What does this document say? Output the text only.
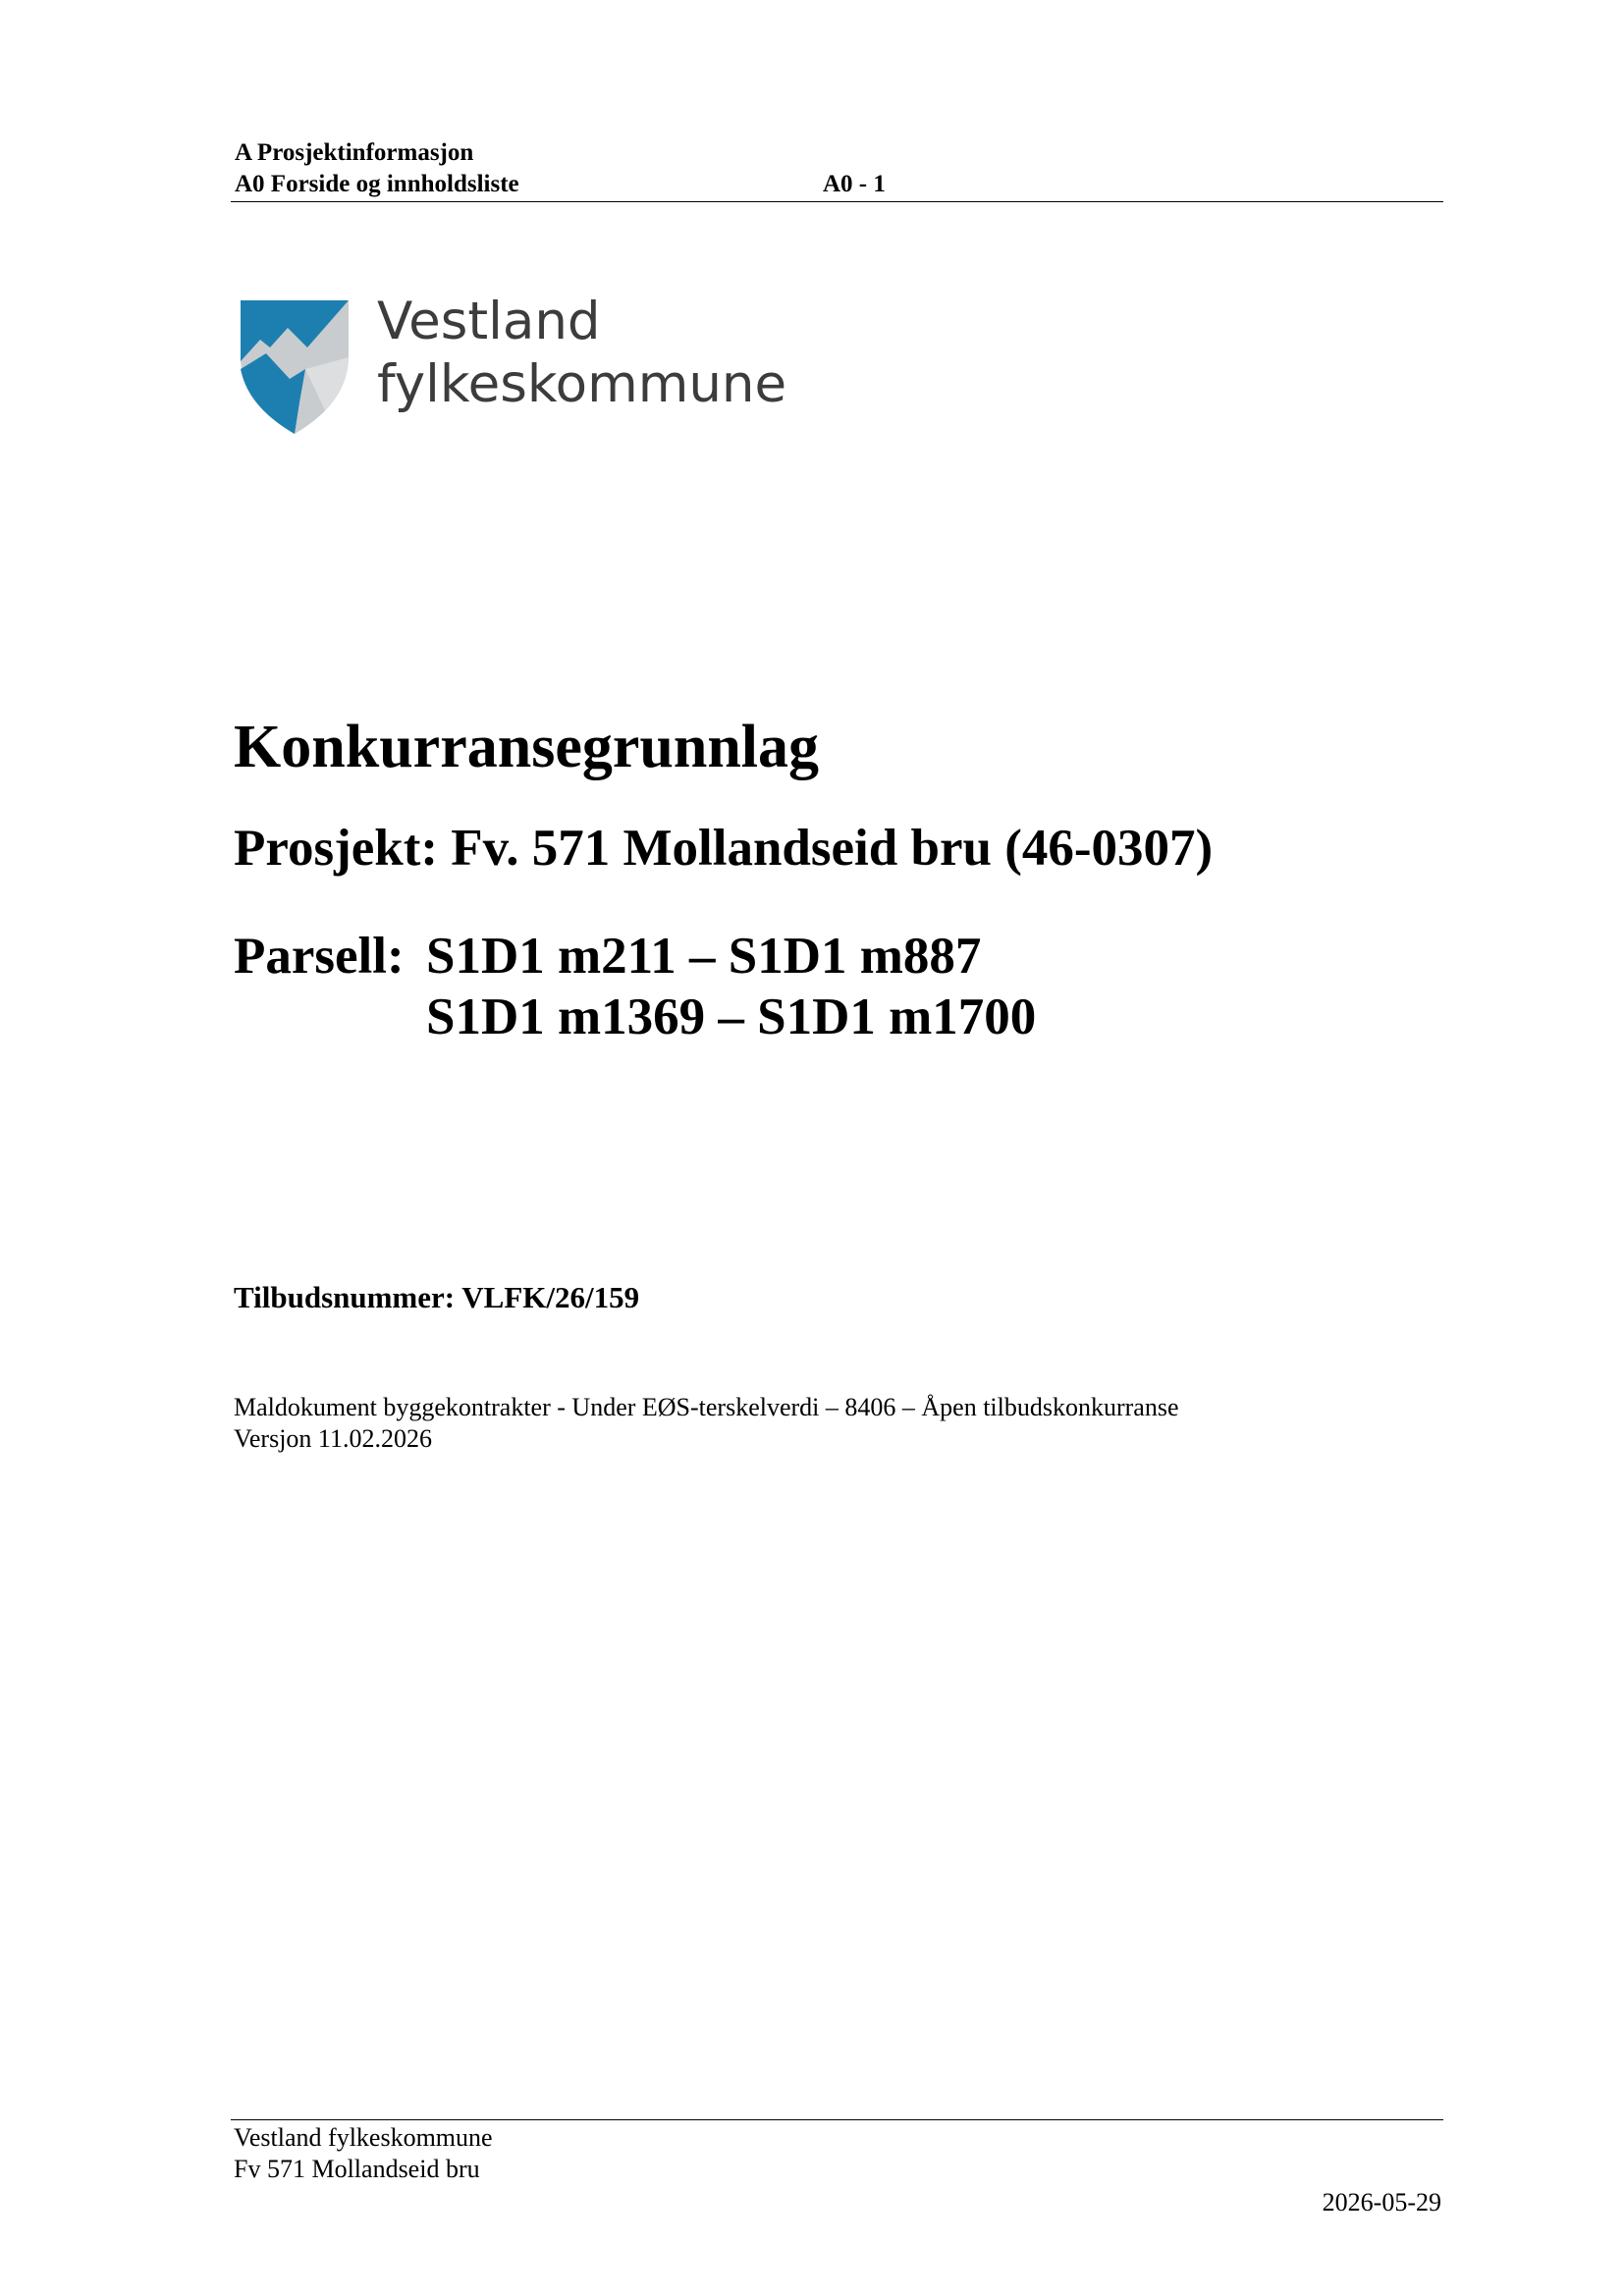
A Prosjektinformasjon
A0 Forside og innholdsliste	A0 - 1
Vestland
fylkeskommune
Konkurransegrunnlag
Prosjekt: Fv. 571 Mollandseid bru (46-0307)
Parsell: S1D1 m211 – S1D1 m887
S1D1 m1369 – S1D1 m1700
Tilbudsnummer: VLFK/26/159
Maldokument byggekontrakter - Under EØS-terskelverdi – 8406 – Åpen tilbudskonkurranse
Versjon 11.02.2026
Vestland fylkeskommune
Fv 571 Mollandseid bru
2026-05-29
